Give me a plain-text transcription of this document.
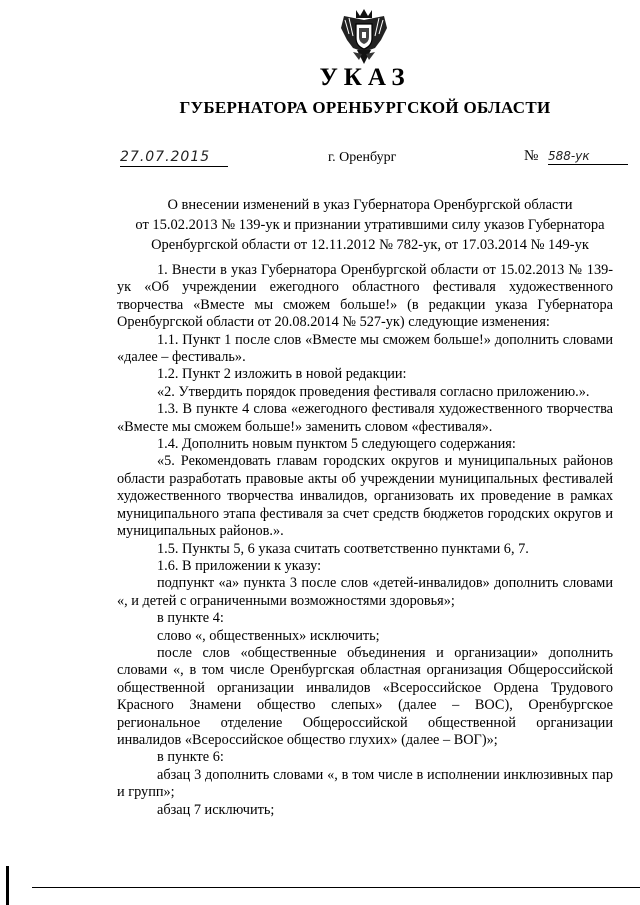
УКАЗ
ГУБЕРНАТОРА ОРЕНБУРГСКОЙ ОБЛАСТИ
27.07.2015	г. Оренбург	№ 588-ук
О внесении изменений в указ Губернатора Оренбургской области
от 15.02.2013 № 139-ук и признании утратившими силу указов Губернатора
Оренбургской области от 12.11.2012 № 782-ук, от 17.03.2014 № 149-ук

1. Внести в указ Губернатора Оренбургской области от 15.02.2013 № 139-ук «Об учреждении ежегодного областного фестиваля художественного творчества «Вместе мы сможем больше!» (в редакции указа Губернатора Оренбургской области от 20.08.2014 № 527-ук) следующие изменения:

1.1. Пункт 1 после слов «Вместе мы сможем больше!» дополнить словами «далее – фестиваль».

1.2. Пункт 2 изложить в новой редакции:

«2. Утвердить порядок проведения фестиваля согласно приложению.».

1.3. В пункте 4 слова «ежегодного фестиваля художественного творчества «Вместе мы сможем больше!» заменить словом «фестиваля».

1.4. Дополнить новым пунктом 5 следующего содержания:

«5. Рекомендовать главам городских округов и муниципальных районов области разработать правовые акты об учреждении муниципальных фестивалей художественного творчества инвалидов, организовать их проведение в рамках муниципального этапа фестиваля за счет средств бюджетов городских округов и муниципальных районов.».

1.5. Пункты 5, 6 указа считать соответственно пунктами 6, 7.

1.6. В приложении к указу:

подпункт «а» пункта 3 после слов «детей-инвалидов» дополнить словами «, и детей с ограниченными возможностями здоровья»;

в пункте 4:

слово «, общественных» исключить;

после слов «общественные объединения и организации» дополнить словами «, в том числе Оренбургская областная организация Общероссийской общественной организации инвалидов «Всероссийское Ордена Трудового Красного Знамени общество слепых» (далее – ВОС), Оренбургское региональное отделение Общероссийской общественной организации инвалидов «Всероссийское общество глухих» (далее – ВОГ)»;

в пункте 6:

абзац 3 дополнить словами «, в том числе в исполнении инклюзивных пар и групп»;

абзац 7 исключить;
